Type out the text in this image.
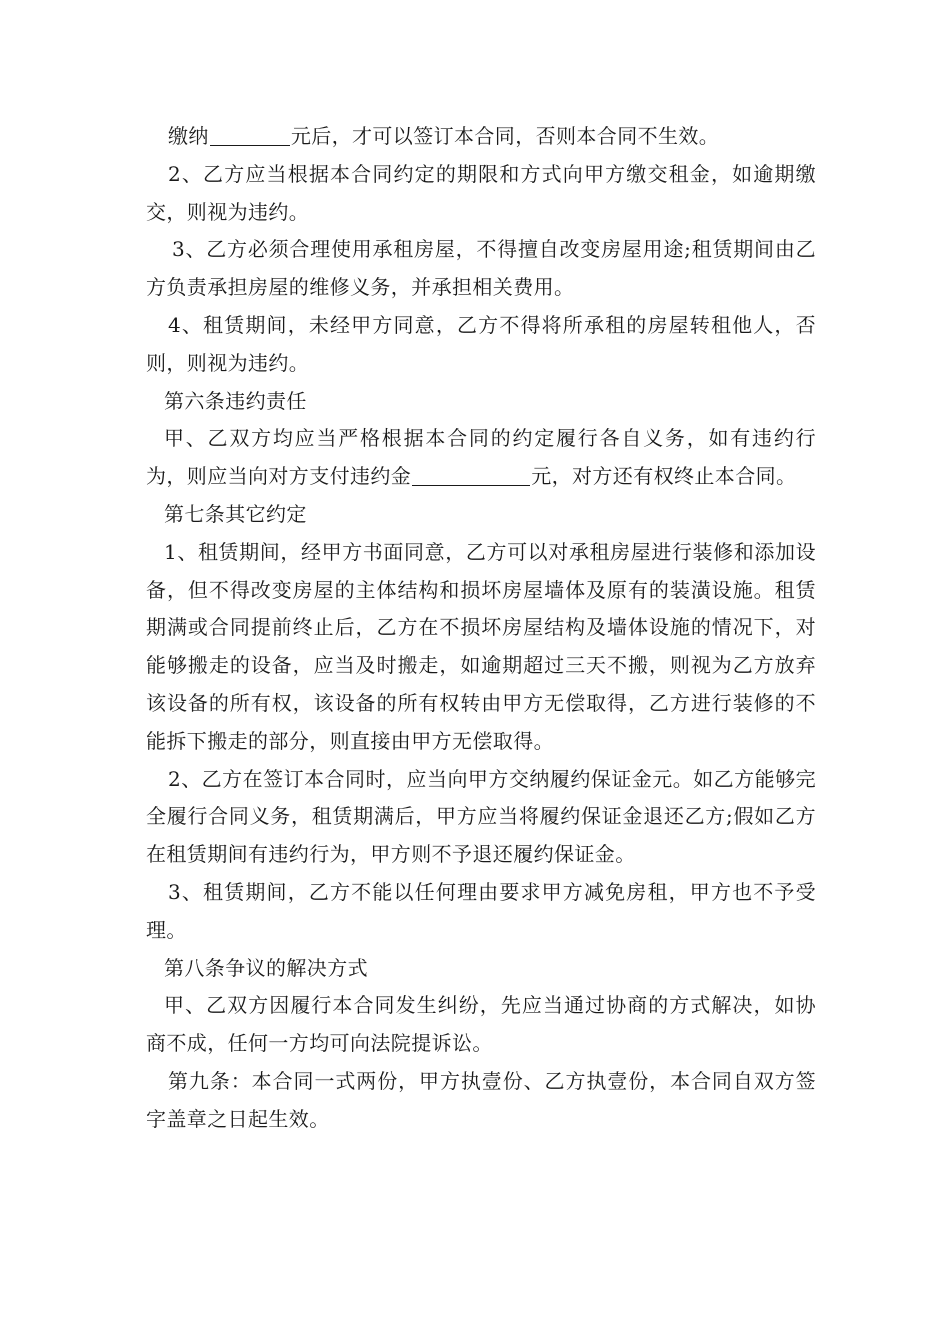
缴纳	元后，才可以签订本合同，否则本合同不生效。

2、乙方应当根据本合同约定的期限和方式向甲方缴交租金，如逾期缴交，则视为违约。

3、乙方必须合理使用承租房屋，不得擅自改变房屋用途;租赁期间由乙方负责承担房屋的维修义务，并承担相关费用。

4、租赁期间，未经甲方同意，乙方不得将所承租的房屋转租他人，否则，则视为违约。

第六条违约责任

甲、乙双方均应当严格根据本合同的约定履行各自义务，如有违约行为，则应当向对方支付违约金	元，对方还有权终止本合同。

第七条其它约定

1、租赁期间，经甲方书面同意，乙方可以对承租房屋进行装修和添加设备，但不得改变房屋的主体结构和损坏房屋墙体及原有的装潢设施。租赁期满或合同提前终止后，乙方在不损坏房屋结构及墙体设施的情况下，对能够搬走的设备，应当及时搬走，如逾期超过三天不搬，则视为乙方放弃该设备的所有权，该设备的所有权转由甲方无偿取得，乙方进行装修的不能拆下搬走的部分，则直接由甲方无偿取得。

2、乙方在签订本合同时，应当向甲方交纳履约保证金元。如乙方能够完全履行合同义务，租赁期满后，甲方应当将履约保证金退还乙方;假如乙方在租赁期间有违约行为，甲方则不予退还履约保证金。

3、租赁期间，乙方不能以任何理由要求甲方减免房租，甲方也不予受理。

第八条争议的解决方式

甲、乙双方因履行本合同发生纠纷，先应当通过协商的方式解决，如协商不成，任何一方均可向法院提诉讼。

第九条：本合同一式两份，甲方执壹份、乙方执壹份，本合同自双方签字盖章之日起生效。
